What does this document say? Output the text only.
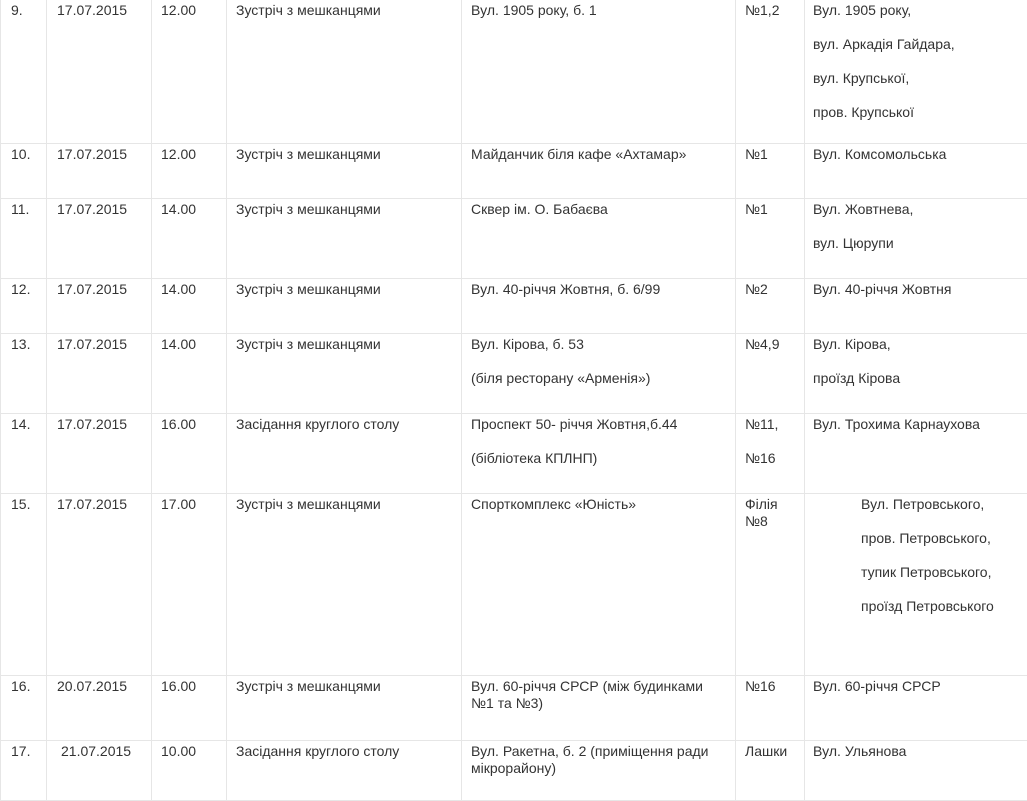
9.	17.07.2015	12.00	Зустріч з мешканцями	Вул. 1905 року, б. 1	№1,2	Вул. 1905 року,
вул. Аркадія Гайдара,
вул. Крупської,
пров. Крупської

10.	17.07.2015	12.00	Зустріч з мешканцями	Майданчик біля кафе «Ахтамар»	№1	Вул. Комсомольська

11.	17.07.2015	14.00	Зустріч з мешканцями	Сквер ім. О. Бабаєва	№1	Вул. Жовтнева,
вул. Цюрупи

12.	17.07.2015	14.00	Зустріч з мешканцями	Вул. 40-річчя Жовтня, б. 6/99	№2	Вул. 40-річчя Жовтня

13.	17.07.2015	14.00	Зустріч з мешканцями	Вул. Кірова, б. 53
(біля ресторану «Арменія»)	№4,9	Вул. Кірова,
проїзд Кірова

14.	17.07.2015	16.00	Засідання круглого столу	Проспект 50- річчя Жовтня,б.44
(бібліотека КПЛНП)	№11,
№16	Вул. Трохима Карнаухова

15.	17.07.2015	17.00	Зустріч з мешканцями	Спорткомплекс «Юність»	Філія
№8	Вул. Петровського,
пров. Петровського,
тупик Петровського,
проїзд Петровського

16.	20.07.2015	16.00	Зустріч з мешканцями	Вул. 60-річчя СРСР (між будинками №1 та №3)	№16	Вул. 60-річчя СРСР

17.	21.07.2015	10.00	Засідання круглого столу	Вул. Ракетна, б. 2 (приміщення ради мікрорайону)	Лашки	Вул. Ульянова
